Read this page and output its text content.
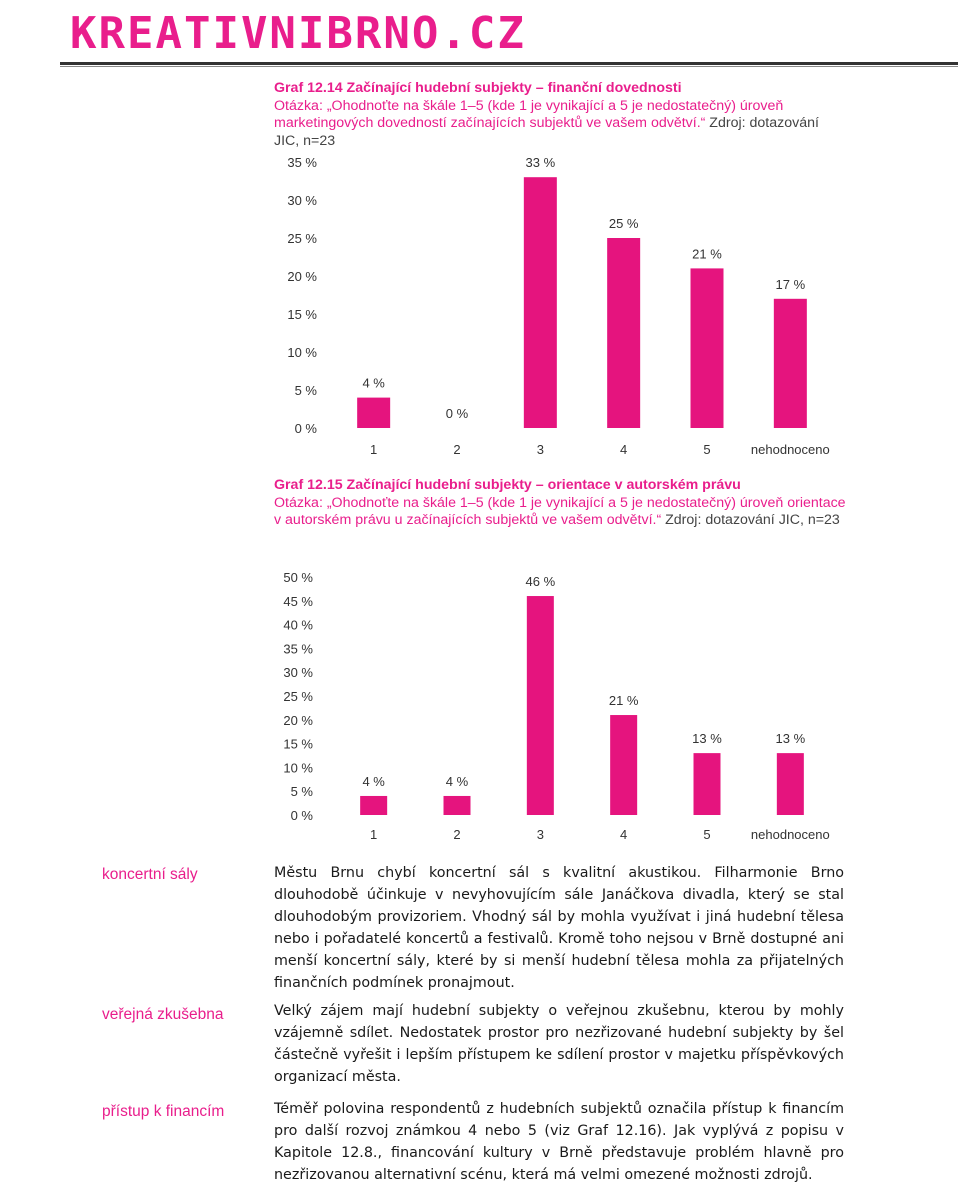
KREATIVNIBRNO.CZ
Graf 12.14 Začínající hudební subjekty – finanční dovednosti
Otázka: „Ohodnoťte na škále 1–5 (kde 1 je vynikající a 5 je nedostatečný) úroveň marketingových dovedností začínajících subjektů ve vašem odvětví.“ Zdroj: dotazování JIC, n=23
0 %
5 %
10 %
15 %
20 %
25 %
30 %
35 %
4 %
1
0 %
2
33 %
3
25 %
4
21 %
5
17 %
nehodnoceno
Graf 12.15 Začínající hudební subjekty – orientace v autorském právu
Otázka: „Ohodnoťte na škále 1–5 (kde 1 je vynikající a 5 je nedostatečný) úroveň orientace v autorském právu u začínajících subjektů ve vašem odvětví.“ Zdroj: dotazování JIC, n=23
0 %
5 %
10 %
15 %
20 %
25 %
30 %
35 %
40 %
45 %
50 %
4 %
1
4 %
2
46 %
3
21 %
4
13 %
5
13 %
nehodnoceno
koncertní sály	Městu Brnu chybí koncertní sál s kvalitní akustikou. Filharmonie Brno dlouhodobě účinkuje v nevyhovujícím sále Janáčkova divadla, který se stal dlouhodobým provizoriem. Vhodný sál by mohla využívat i jiná hudební tělesa nebo i pořadatelé koncertů a festivalů. Kromě toho nejsou v Brně dostupné ani menší koncertní sály, které by si menší hudební tělesa mohla za přijatelných finančních podmínek pronajmout.
veřejná zkušebna	Velký zájem mají hudební subjekty o veřejnou zkušebnu, kterou by mohly vzájemně sdílet. Nedostatek prostor pro nezřizované hudební subjekty by šel částečně vyřešit i lepším přístupem ke sdílení prostor v majetku příspěvkových organizací města.
přístup k financím	Téměř polovina respondentů z hudebních subjektů označila přístup k financím pro další rozvoj známkou 4 nebo 5 (viz Graf 12.16). Jak vyplývá z popisu v Kapitole 12.8., financování kultury v Brně představuje problém hlavně pro nezřizovanou alternativní scénu, která má velmi omezené možnosti zdrojů.
